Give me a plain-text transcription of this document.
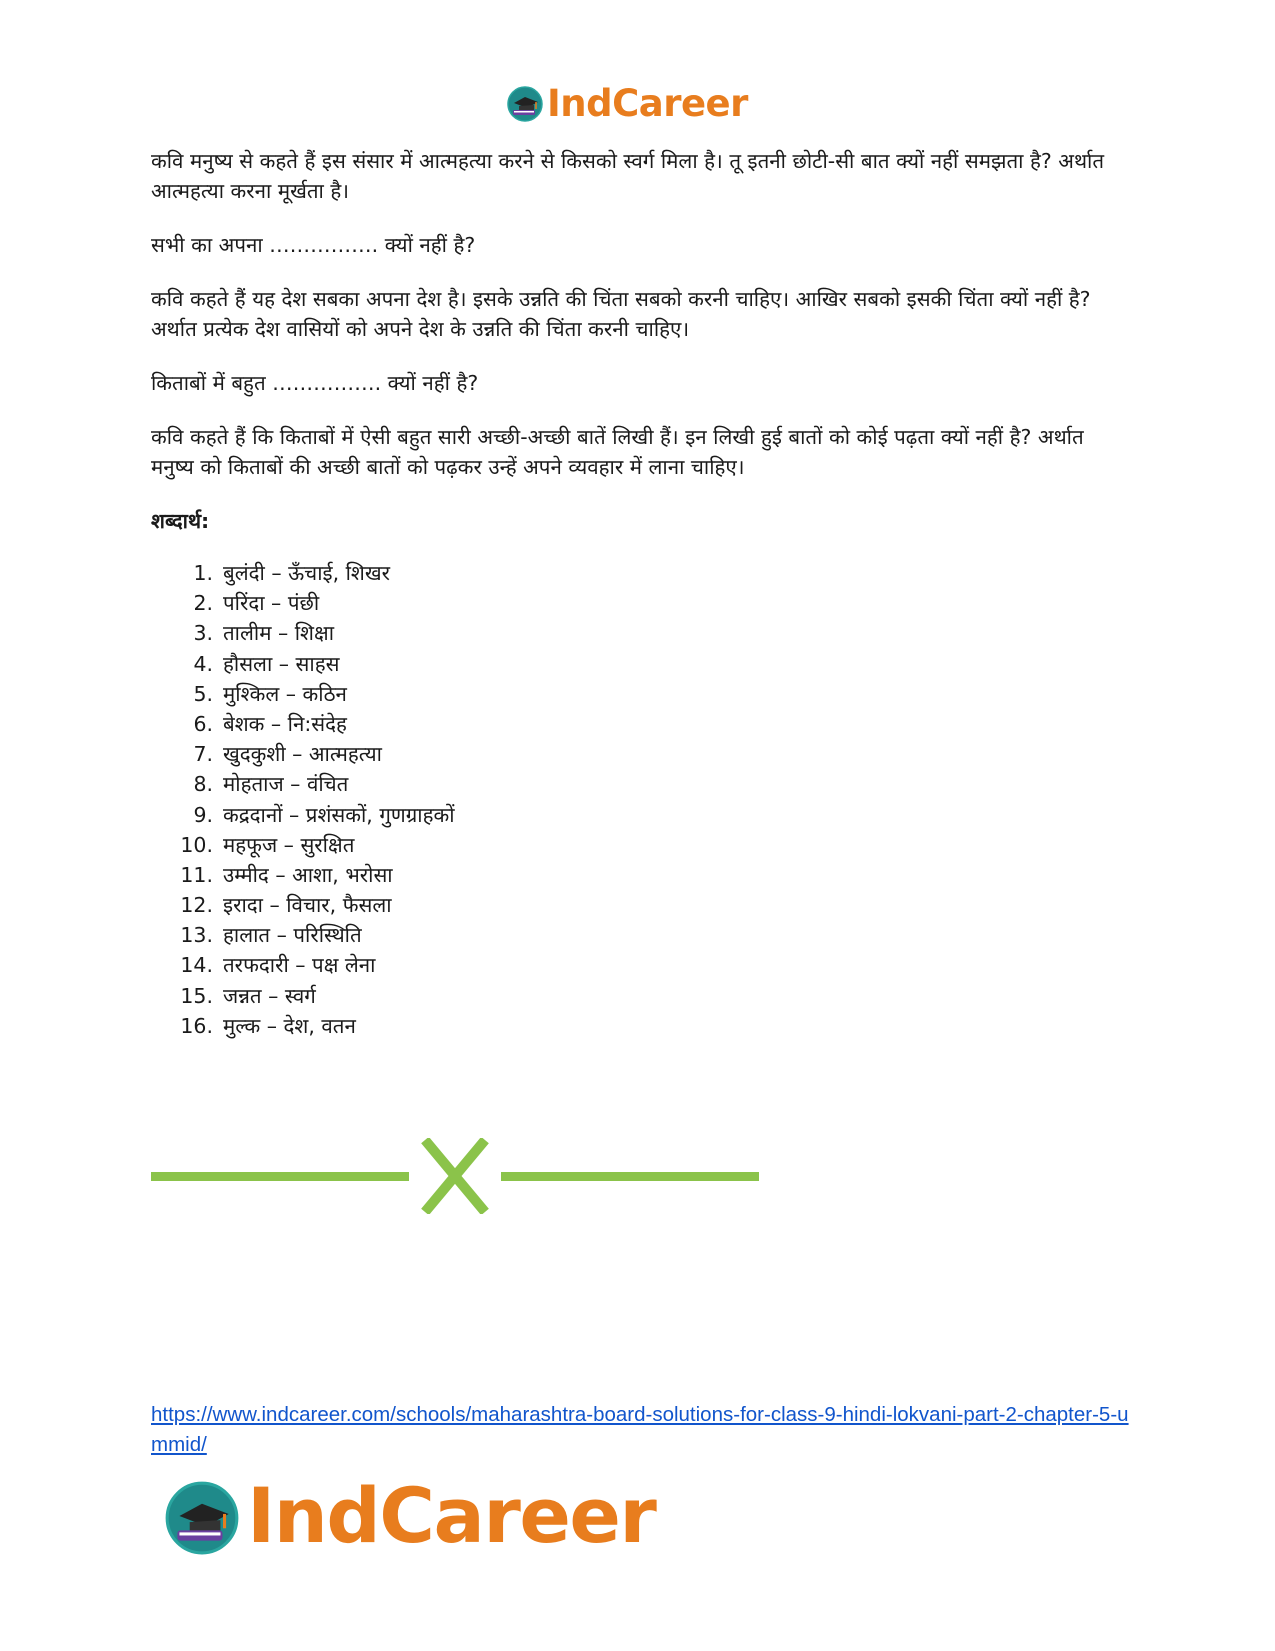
IndCareer

कवि मनुष्य से कहते हैं इस संसार में आत्महत्या करने से किसको स्वर्ग मिला है। तू इतनी छोटी-सी बात क्यों नहीं समझता है? अर्थात आत्महत्या करना मूर्खता है।

सभी का अपना ……………. क्यों नहीं है?

कवि कहते हैं यह देश सबका अपना देश है। इसके उन्नति की चिंता सबको करनी चाहिए। आखिर सबको इसकी चिंता क्यों नहीं है? अर्थात प्रत्येक देश वासियों को अपने देश के उन्नति की चिंता करनी चाहिए।

किताबों में बहुत ……………. क्यों नहीं है?

कवि कहते हैं कि किताबों में ऐसी बहुत सारी अच्छी-अच्छी बातें लिखी हैं। इन लिखी हुई बातों को कोई पढ़ता क्यों नहीं है? अर्थात मनुष्य को किताबों की अच्छी बातों को पढ़कर उन्हें अपने व्यवहार में लाना चाहिए।

शब्दार्थ:

1. बुलंदी – ऊँचाई, शिखर
2. परिंदा – पंछी
3. तालीम – शिक्षा
4. हौसला – साहस
5. मुश्किल – कठिन
6. बेशक – नि:संदेह
7. खुदकुशी – आत्महत्या
8. मोहताज – वंचित
9. कद्रदानों – प्रशंसकों, गुणग्राहकों
10. महफूज – सुरक्षित
11. उम्मीद – आशा, भरोसा
12. इरादा – विचार, फैसला
13. हालात – परिस्थिति
14. तरफदारी – पक्ष लेना
15. जन्नत – स्वर्ग
16. मुल्क – देश, वतन
https://www.indcareer.com/schools/maharashtra-board-solutions-for-class-9-hindi-lokvani-part-2-chapter-5-ummid/
IndCareer
